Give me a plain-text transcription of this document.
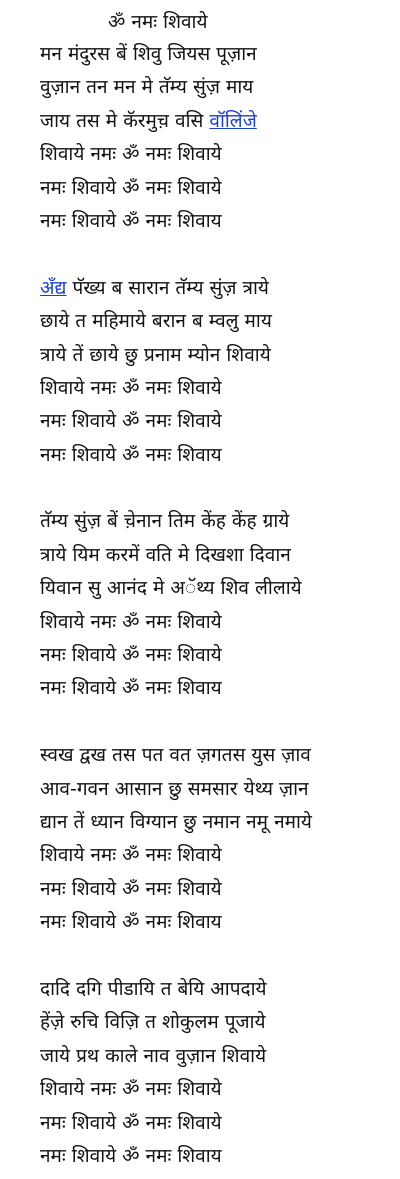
ॐ नमः शिवाये
मन मंदुरस बें शिवु जियस पूज़ान
वुज़ान तन मन मे तॅम्य सुंज़ माय
जाय तस मे कॅरमुच़ वसि वॉलिंजे
शिवाये नमः ॐ नमः शिवाये
नमः शिवाये ॐ नमः शिवाये
नमः शिवाये ॐ नमः शिवाय
अँद्य पॅख्य ब सारान तॅम्य सुंज़ त्राये
छाये त महिमाये बरान ब म्वलु माय
त्राये तें छाये छु प्रनाम म्योन शिवाये
शिवाये नमः ॐ नमः शिवाये
नमः शिवाये ॐ नमः शिवाये
नमः शिवाये ॐ नमः शिवाय
तॅम्य सुंज़ बें च़ेनान तिम केंह केंह ग्राये
त्राये यिम करमें वति मे दिखशा दिवान
यिवान सु आनंद मे अॅथ्य शिव लीलाये
शिवाये नमः ॐ नमः शिवाये
नमः शिवाये ॐ नमः शिवाये
नमः शिवाये ॐ नमः शिवाय
स्वख द्वख तस पत वत ज़गतस युस ज़ाव
आव-गवन आसान छु समसार येथ्य ज़ान
द्यान तें ध्यान विग्यान छु नमान नमू नमाये
शिवाये नमः ॐ नमः शिवाये
नमः शिवाये ॐ नमः शिवाये
नमः शिवाये ॐ नमः शिवाय
दादि दगि पीडायि त बेयि आपदाये
हेंज़े रुचि विज़ि त शोकुलम पूजाये
जाये प्रथ काले नाव वुज़ान शिवाये
शिवाये नमः ॐ नमः शिवाये
नमः शिवाये ॐ नमः शिवाये
नमः शिवाये ॐ नमः शिवाय
